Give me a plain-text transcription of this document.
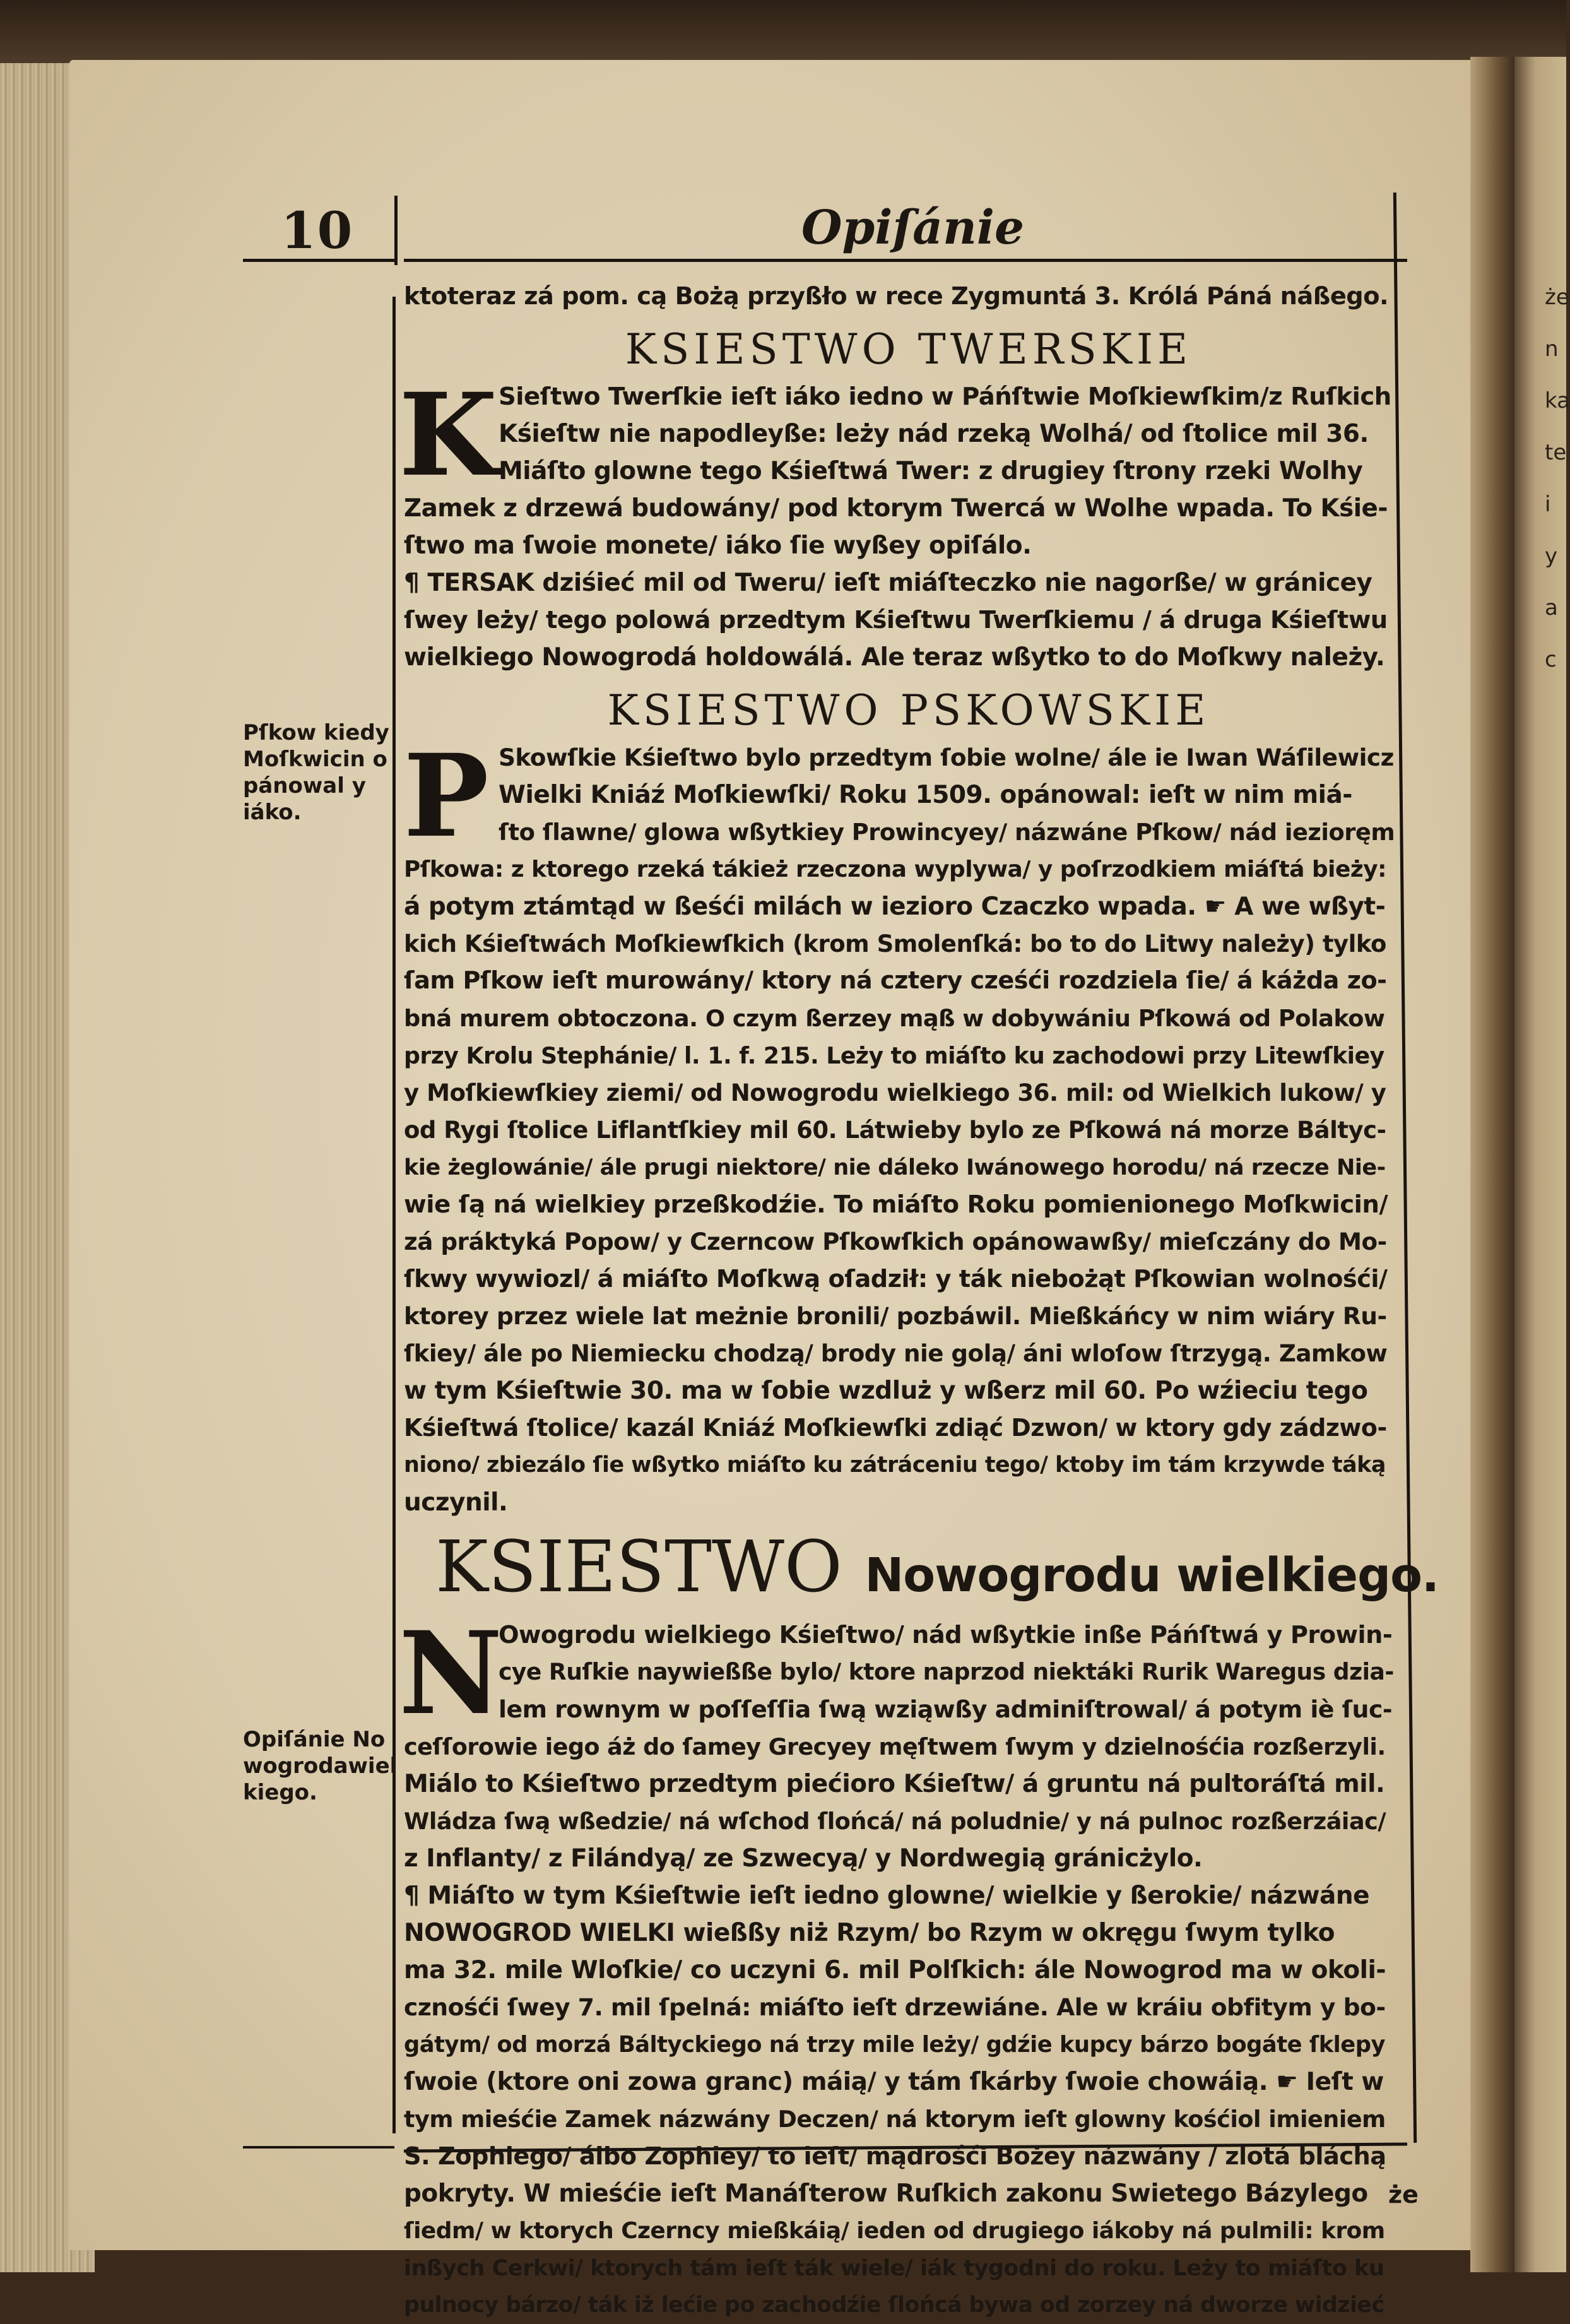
że
n
ka
te
i
y
a
c
10	Opiſánie
Pſkow kiedy Moſkwicin o pánowal y iáko.
Opiſánie No wogrodawiel kiego.
ktoteraz zá pom. cą Bożą przyßło w rece Zygmuntá 3. Królá Páná náßego.
KSIESTWO TWERSKIE
K Sieſtwo Twerſkie ieſt iáko iedno w Páńſtwie Moſkiewſkim/z Ruſkich
Kśieſtw nie napodleyße: leży nád rzeką Wolhá/ od ſtolice mil 36.
Miáſto glowne tego Kśieſtwá Twer: z drugiey ſtrony rzeki Wolhy
Zamek z drzewá budowány/ pod ktorym Twercá w Wolhe wpada. To Kśie-
ſtwo ma ſwoie monete/ iáko ſie wyßey opiſálo.
¶ TERSAK dziśieć mil od Tweru/ ieſt miáſteczko nie nagorße/ w gránicey
ſwey leży/ tego polowá przedtym Kśieſtwu Twerſkiemu / á druga Kśieſtwu
wielkiego Nowogrodá holdowálá. Ale teraz wßytko to do Moſkwy należy.
KSIESTWO PSKOWSKIE
P Skowſkie Kśieſtwo bylo przedtym ſobie wolne/ ále ie Iwan Wáſilewicz
Wielki Kniáź Moſkiewſki/ Roku 1509. opánowal: ieſt w nim miá-
ſto ſlawne/ glowa wßytkiey Prowincyey/ názwáne Pſkow/ nád iezioręm
Pſkowa: z ktorego rzeká tákież rzeczona wyplywa/ y poſrzodkiem miáſtá bieży:
á potym ztámtąd w ßeśći milách w iezioro Czaczko wpada. ☛ A we wßyt-
kich Kśieſtwách Moſkiewſkich (krom Smolenſká: bo to do Litwy należy) tylko
ſam Pſkow ieſt murowány/ ktory ná cztery cześći rozdziela ſie/ á káżda zo-
bná murem obtoczona. O czym ßerzey mąß w dobywániu Pſkowá od Polakow
przy Krolu Stephánie/ l. 1. f. 215. Leży to miáſto ku zachodowi przy Litewſkiey
y Moſkiewſkiey ziemi/ od Nowogrodu wielkiego 36. mil: od Wielkich lukow/ y
od Rygi ſtolice Liflantſkiey mil 60. Látwieby bylo ze Pſkowá ná morze Báltyc-
kie żeglowánie/ ále prugi niektore/ nie dáleko Iwánowego horodu/ ná rzecze Nie-
wie ſą ná wielkiey przeßkodźie. To miáſto Roku pomienionego Moſkwicin/
zá práktyká Popow/ y Czerncow Pſkowſkich opánowawßy/ mieſczány do Mo-
ſkwy wywiozl/ á miáſto Moſkwą oſadził: y ták niebożąt Pſkowian wolnośći/
ktorey przez wiele lat meżnie bronili/ pozbáwil. Mießkáńcy w nim wiáry Ru-
ſkiey/ ále po Niemiecku chodzą/ brody nie golą/ áni wloſow ſtrzygą. Zamkow
w tym Kśieſtwie 30. ma w ſobie wzdluż y wßerz mil 60. Po wźieciu tego
Kśieſtwá ſtolice/ kazál Kniáź Moſkiewſki zdiąć Dzwon/ w ktory gdy zádzwo-
niono/ zbiezálo ſie wßytko miáſto ku zátráceniu tego/ ktoby im tám krzywde táką
uczynil.
KSIESTWO Nowogrodu wielkiego.
N
Owogrodu wielkiego Kśieſtwo/ nád wßytkie inße Páńſtwá y Prowin-
cye Ruſkie naywießße bylo/ ktore naprzod niektáki Rurik Waregus dzia-
lem rownym w poſſeſſia ſwą wziąwßy adminiſtrowal/ á potym iè ſuc-
ceſſorowie iego áż do ſamey Grecyey męſtwem ſwym y dzielnośćia rozßerzyli.
Miálo to Kśieſtwo przedtym piećioro Kśieſtw/ á gruntu ná pultoráſtá mil.
Wládza ſwą wßedzie/ ná wſchod ſlońcá/ ná poludnie/ y ná pulnoc rozßerzáiac/
z Inflanty/ z Filándyą/ ze Szwecyą/ y Nordwegią gránicżylo.
¶ Miáſto w tym Kśieſtwie ieſt iedno glowne/ wielkie y ßerokie/ názwáne
NOWOGROD WIELKI wießßy niż Rzym/ bo Rzym w okręgu ſwym tylko
ma 32. mile Wloſkie/ co uczyni 6. mil Polſkich: ále Nowogrod ma w okoli-
cznośći ſwey 7. mil ſpelná: miáſto ieſt drzewiáne. Ale w kráiu obfitym y bo-
gátym/ od morzá Báltyckiego ná trzy mile leży/ gdźie kupcy bárzo bogáte ſklepy
ſwoie (ktore oni zowa granc) máią/ y tám ſkárby ſwoie chowáią. ☛ Ieſt w
tym mieśćie Zamek názwány Deczen/ ná ktorym ieſt glowny kośćiol imieniem
S. Zophiego/ álbo Zophiey/ to ieſt/ mądrośći Bożey názwány / zlotá bláchą
pokryty. W mieśćie ieſt Manáſterow Ruſkich zakonu Swietego Bázylego
ſiedm/ w ktorych Czerncy mießkáią/ ieden od drugiego iákoby ná pulmili: krom
inßych Cerkwi/ ktorych tám ieſt ták wiele/ iák tygodni do roku. Leży to miáſto ku
pulnocy bárzo/ ták iż lećie po zachodźie ſlońcá bywa od zorzey ná dworze widzieć
że
